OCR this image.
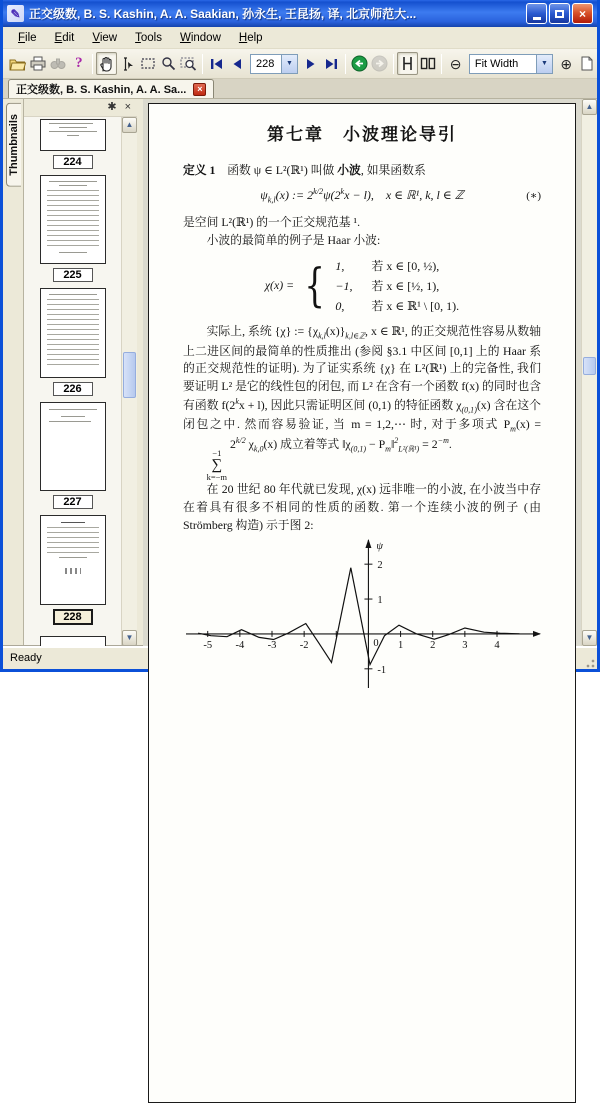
✎ 正交级数, B. S. Kashin, A. A. Saakian, 孙永生, 王昆扬, 译, 北京师范大...	×
File	Edit	View	Tools	Window	Help
?	228	▼	⊖	Fit Width	▼ ⊕
正交级数, B. S. Kashin, A. A. Sa... ×
Thumbnails
✱ ×
224
225
226
227
228
▲
▼
第七章　小波理论导引
定义 1　函数 ψ ∈ L²(ℝ¹) 叫做 小波, 如果函数系
$\psi_{k,l}(x)$ := $2^{k/2}\psi(2^kx - l)$,　x ∈ ℝ¹, k, l ∈ ℤ	(∗)
是空间 L²(ℝ¹) 的一个正交规范基 ¹.
小波的最简单的例子是 Haar 小波:
χ(x) = { 1,	若 x ∈ [0, ½),
−1,	若 x ∈ [½, 1),
0,	若 x ∈ ℝ¹ \ [0, 1).
实际上, 系统 {χ} := $\{\chi_{k,l}(x)\}_{k,l\in ℤ}$, x ∈ ℝ¹, 的正交规范性容易从数轴上二进区间的最简单的性质推出 (参阅 §3.1 中区间 [0,1] 上的 Haar 系的正交规范性的证明). 为了证实系统 {χ} 在 L²(ℝ¹) 上的完备性, 我们要证明 L² 是它的线性包的闭包, 而 L² 在含有一个函数 f(x) 的同时也含有函数 $f(2^kx + l)$, 因此只需证明区间 (0,1) 的特征函数 $\chi_{(0,1)}(x)$ 含在这个闭包之中. 然而容易验证, 当 m = 1,2,⋯ 时, 对于多项式 $P_m(x)$ =
−1
∑
k=−m
$2^{k/2}$ $\chi_{k,0}(x)$ 成立着等式 $‖\chi_{(0,1)}$ − $P_m‖^2_{L^2(ℝ^1)} = 2^{-m}$.
在 20 世纪 80 年代就已发现, χ(x) 远非唯一的小波, 在小波当中存在着具有很多不相同的性质的函数. 第一个连续小波的例子 (由 Strömberg 构造) 示于图 2:
-5 -4 -3 -2	1	2	3	4
0
-1
1
2
ψ
▲
▼
Ready
